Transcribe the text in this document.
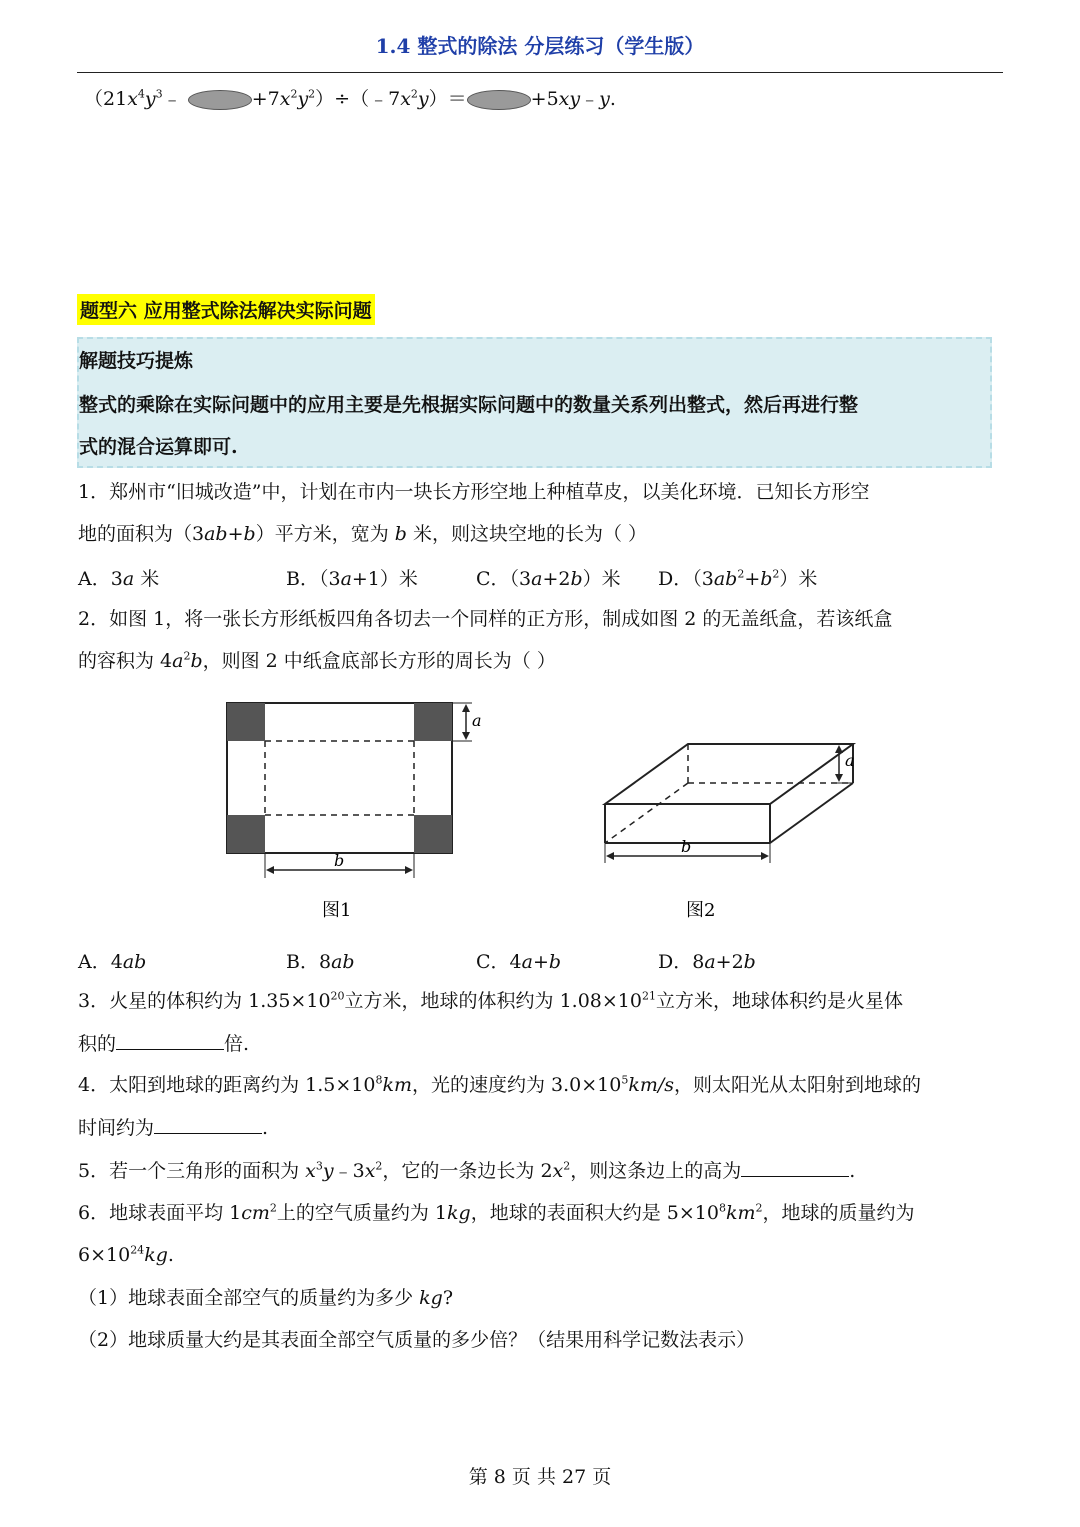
1.4 整式的除法 分层练习（学生版）
（$21x^4y^3﹣$	$+7x^2y^2)\div(﹣7x^2y)=$	+5xy﹣y.
题型六 应用整式除法解决实际问题
解题技巧提炼
整式的乘除在实际问题中的应用主要是先根据实际问题中的数量关系列出整式，然后再进行整
式的混合运算即可.
1．郑州市“旧城改造”中，计划在市内一块长方形空地上种植草皮，以美化环境．已知长方形空
地的面积为（3ab+b）平方米，宽为 b 米，则这块空地的长为（ ）
A．3a 米	B．（3a+1）米	C．（3a+2b）米 D．$(3ab^2+b^2)$米
2．如图 1，将一张长方形纸板四角各切去一个同样的正方形，制成如图 2 的无盖纸盒，若该纸盒
的容积为 $4a^2b$，则图 2 中纸盒底部长方形的周长为（ ）
a
b
图1
a
b
图2
A．4ab	B．8ab	C．4a+b	D．8a+2b
3．火星的体积约为 $1.35\times 10^{20}$立方米，地球的体积约为 $1.08\times 10^{21}$立方米，地球体积约是火星体
积的	倍.
4．太阳到地球的距离约为 $1.5\times 10^8km$，光的速度约为 $3.0\times 10^5km/s$，则太阳光从太阳射到地球的
时间约为	.
5．若一个三角形的面积为 $x^3y﹣3x^2$，它的一条边长为 $2x^2$，则这条边上的高为	.
6．地球表面平均 $1cm^2$上的空气质量约为 1kg，地球的表面积大约是 $5\times 10^8km^2$，地球的质量约为
$6\times 10^{24}kg$.
（1）地球表面全部空气的质量约为多少 kg?
（2）地球质量大约是其表面全部空气质量的多少倍？（结果用科学记数法表示）
第 8 页 共 27 页
